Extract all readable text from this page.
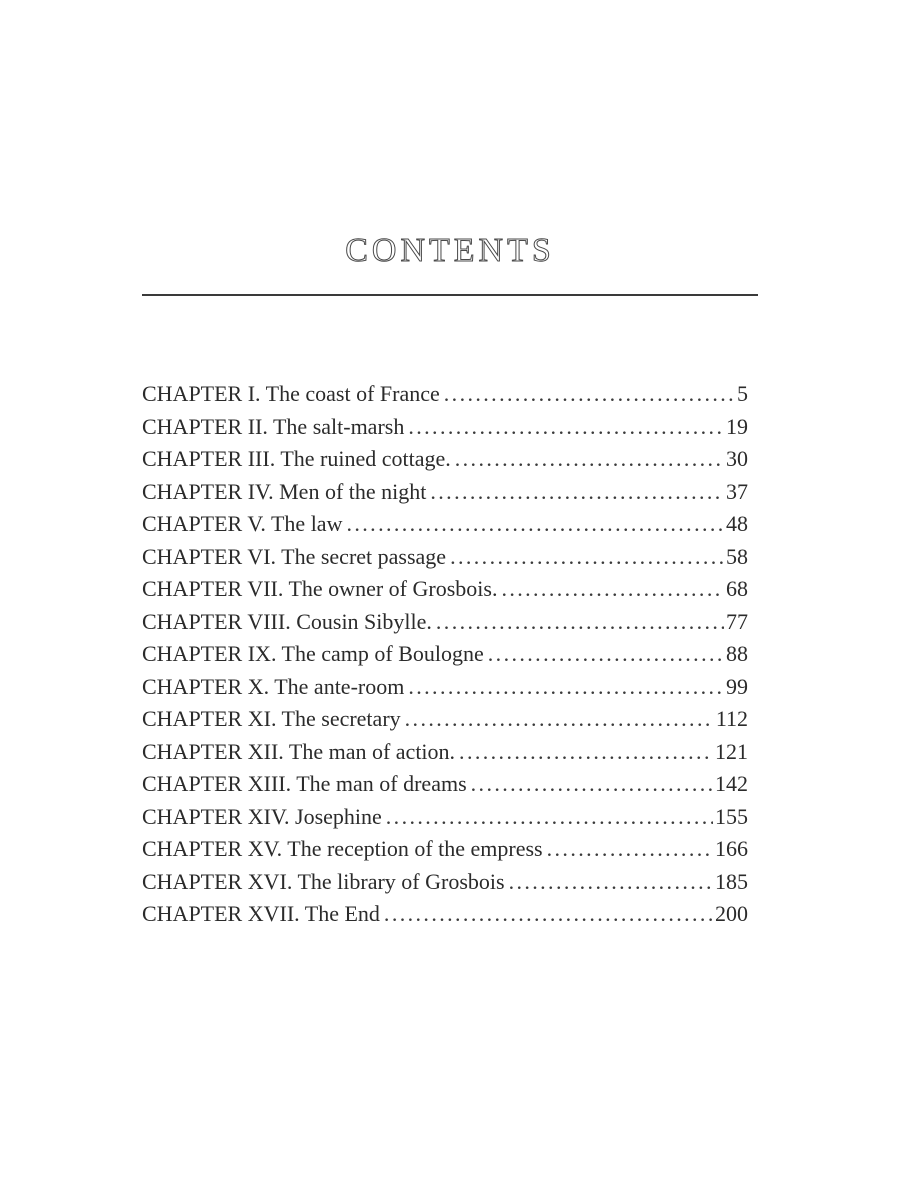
CONTENTS
CHAPTER I. The coast of France .....	5
CHAPTER II. The salt-marsh .....	19
CHAPTER III. The ruined cottage. .....	30
CHAPTER IV. Men of the night .....	37
CHAPTER V. The law .....	48
CHAPTER VI. The secret passage .....	58
CHAPTER VII. The owner of Grosbois. .....	68
CHAPTER VIII. Cousin Sibylle. .....	77
CHAPTER IX. The camp of Boulogne .....	88
CHAPTER X. The ante-room .....	99
CHAPTER XI. The secretary .....	112
CHAPTER XII. The man of action. .....	121
CHAPTER XIII. The man of dreams .....	142
CHAPTER XIV. Josephine .....	155
CHAPTER XV. The reception of the empress .....	166
CHAPTER XVI. The library of Grosbois .....	185
CHAPTER XVII. The End .....	200
